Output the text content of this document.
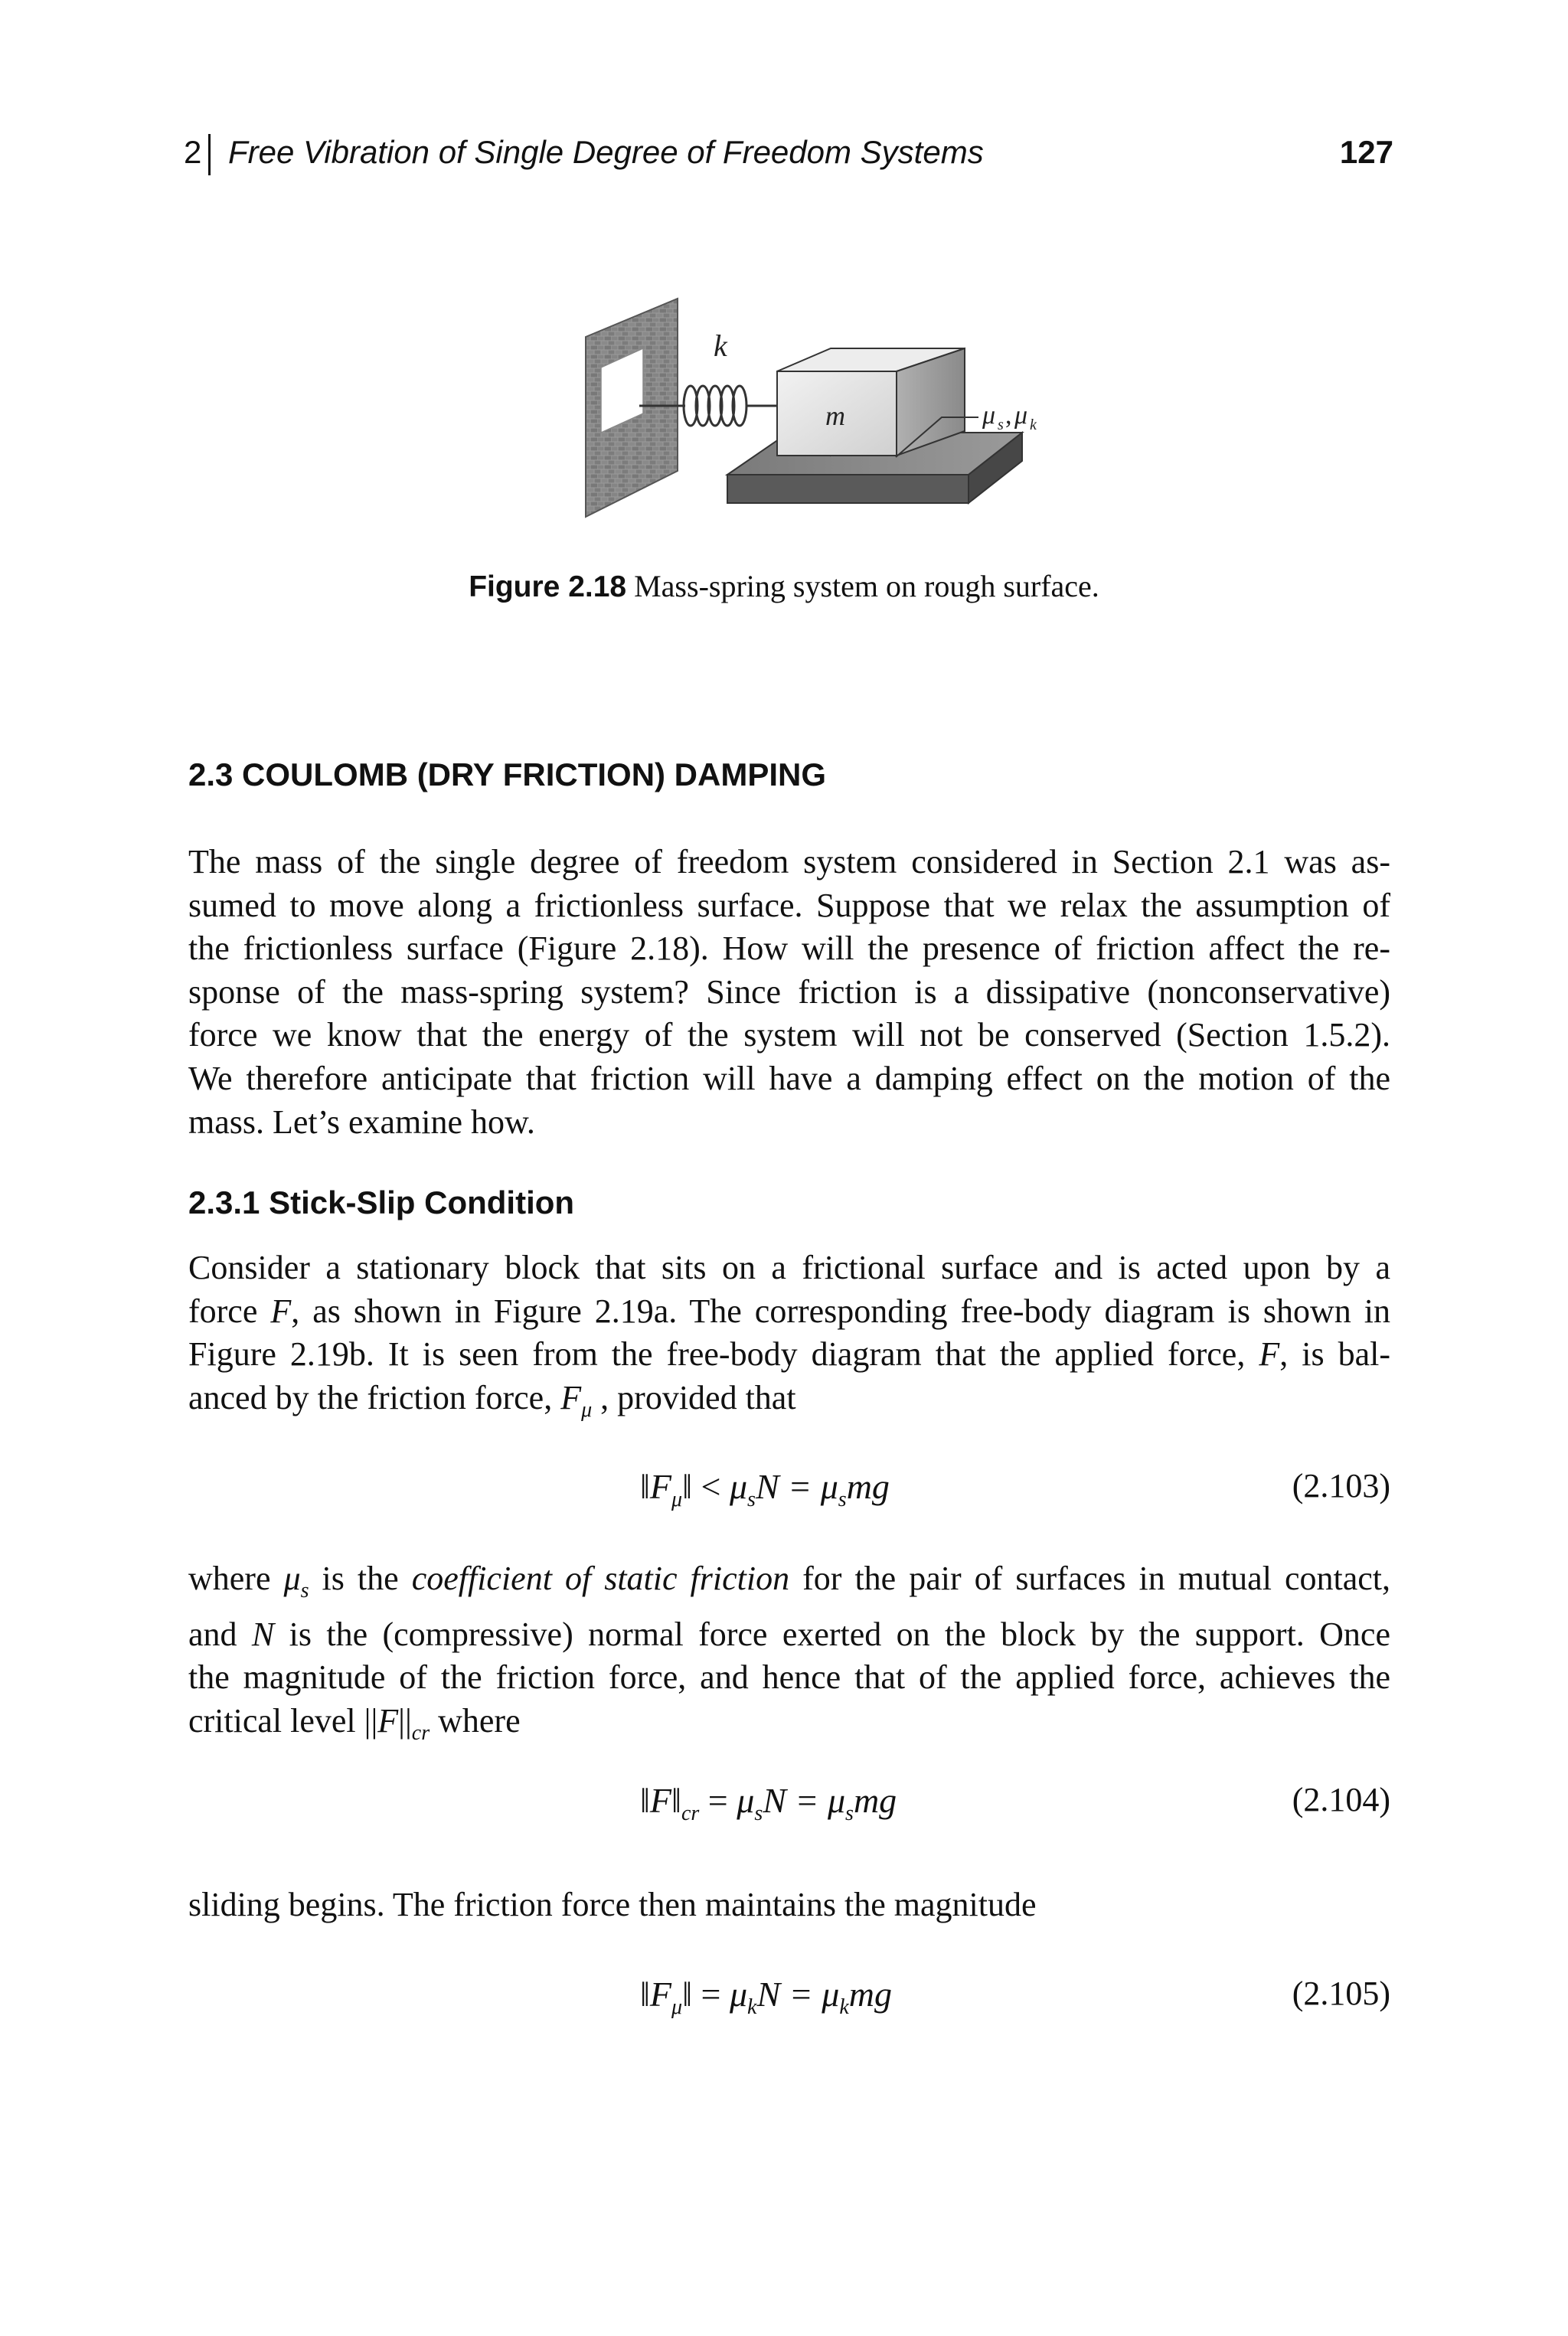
2 Free Vibration of Single Degree of Freedom Systems	127
k
m	μ s , μ k
Figure 2.18 Mass-spring system on rough surface.
2.3 COULOMB (DRY FRICTION) DAMPING
The mass of the single degree of freedom system considered in Section 2.1 was as-
sumed to move along a frictionless surface. Suppose that we relax the assumption of
the frictionless surface (Figure 2.18). How will the presence of friction affect the re-
sponse of the mass-spring system? Since friction is a dissipative (nonconservative)
force we know that the energy of the system will not be conserved (Section 1.5.2).
We therefore anticipate that friction will have a damping effect on the motion of the
mass. Let’s examine how.
2.3.1 Stick-Slip Condition
Consider a stationary block that sits on a frictional surface and is acted upon by a
force F, as shown in Figure 2.19a. The corresponding free-body diagram is shown in
Figure 2.19b. It is seen from the free-body diagram that the applied force, F, is bal-
anced by the friction force, $F_\mu$ , provided that
$‖F_\mu‖ < \mu_sN = \mu_smg$	(2.103)
where $\mu_s$ is the coefficient of static friction for the pair of surfaces in mutual contact,
and N is the (compressive) normal force exerted on the block by the support. Once
the magnitude of the friction force, and hence that of the applied force, achieves the
critical level $||F||_{cr}$ where
$‖F‖_{cr} = \mu_sN = \mu_smg$	(2.104)
sliding begins. The friction force then maintains the magnitude
$‖F_\mu‖ = \mu_kN = \mu_kmg$	(2.105)
